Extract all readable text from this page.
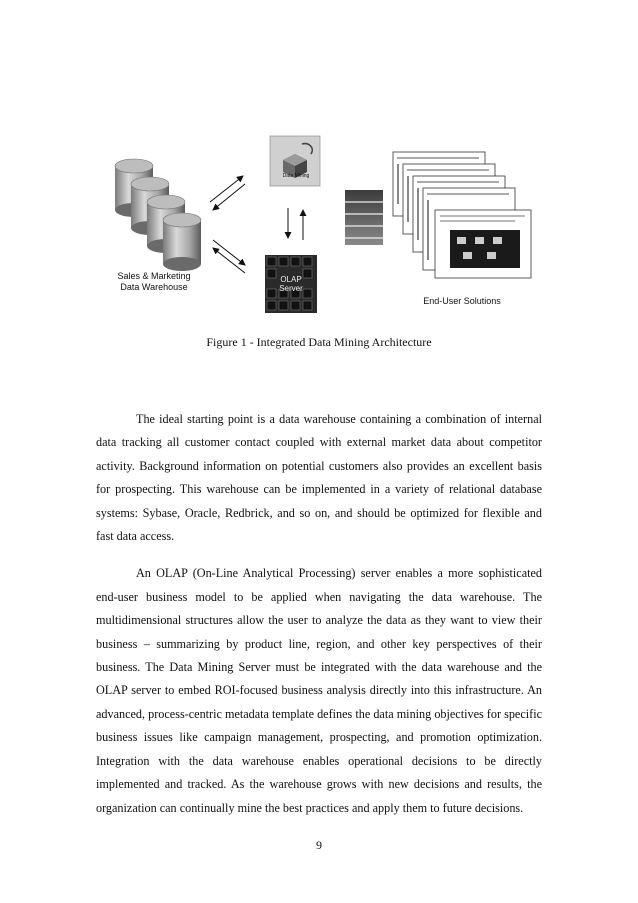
Data Mining
OLAP
Server
Sales & Marketing
Data Warehouse
End-User Solutions
Figure 1 - Integrated Data Mining Architecture

The ideal starting point is a data warehouse containing a combination of internal data tracking all customer contact coupled with external market data about competitor activity. Background information on potential customers also provides an excellent basis for prospecting. This warehouse can be implemented in a variety of relational database systems: Sybase, Oracle, Redbrick, and so on, and should be optimized for flexible and fast data access.

An OLAP (On-Line Analytical Processing) server enables a more sophisticated end-user business model to be applied when navigating the data warehouse. The multidimensional structures allow the user to analyze the data as they want to view their business – summarizing by product line, region, and other key perspectives of their business. The Data Mining Server must be integrated with the data warehouse and the OLAP server to embed ROI-focused business analysis directly into this infrastructure. An advanced, process-centric metadata template defines the data mining objectives for specific business issues like campaign management, prospecting, and promotion optimization. Integration with the data warehouse enables operational decisions to be directly implemented and tracked. As the warehouse grows with new decisions and results, the organization can continually mine the best practices and apply them to future decisions.

9
